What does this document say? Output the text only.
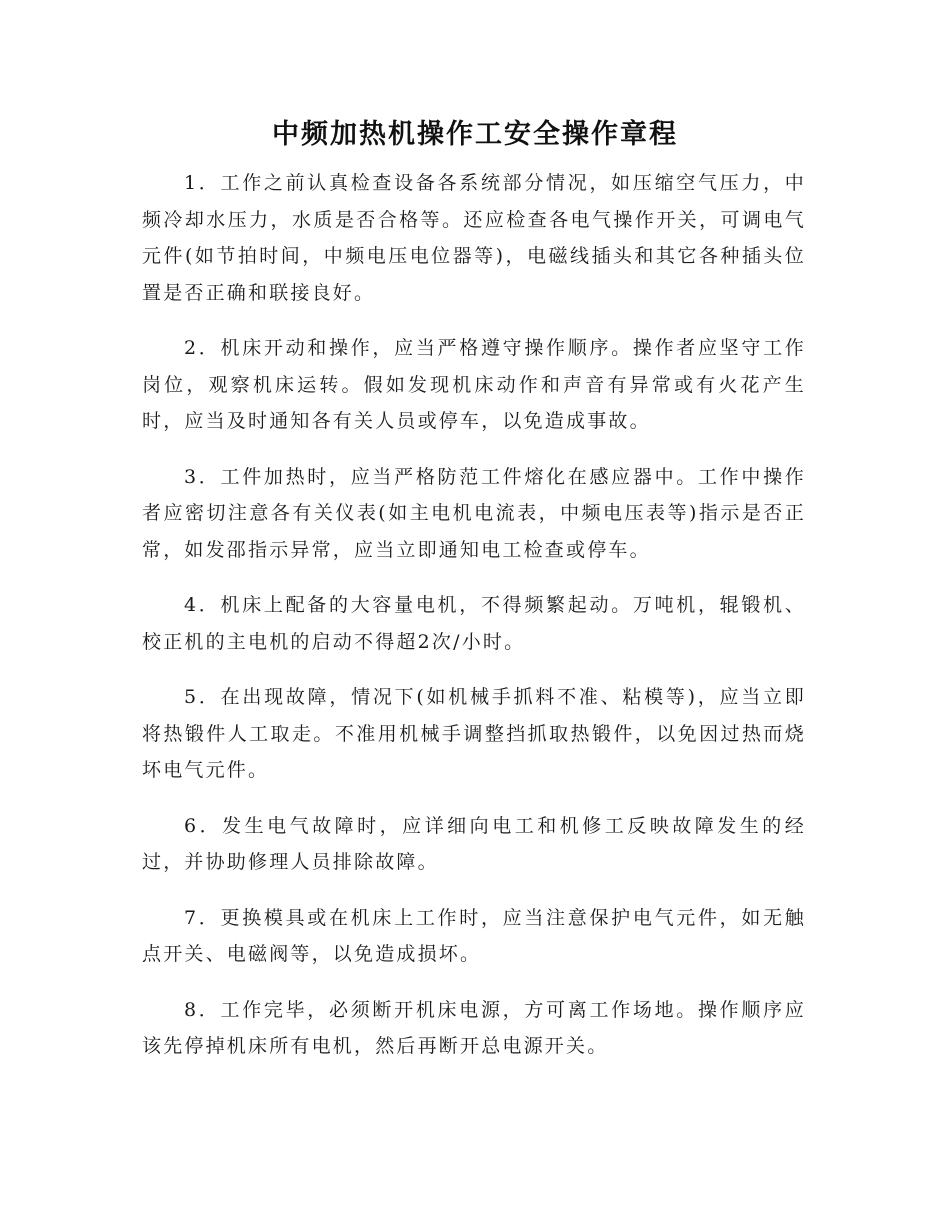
中频加热机操作工安全操作章程

1．工作之前认真检查设备各系统部分情况，如压缩空气压力，中频冷却水压力，水质是否合格等。还应检查各电气操作开关，可调电气元件(如节拍时间，中频电压电位器等)，电磁线插头和其它各种插头位置是否正确和联接良好。

2．机床开动和操作，应当严格遵守操作顺序。操作者应坚守工作岗位，观察机床运转。假如发现机床动作和声音有异常或有火花产生时，应当及时通知各有关人员或停车，以免造成事故。

3．工件加热时，应当严格防范工件熔化在感应器中。工作中操作者应密切注意各有关仪表(如主电机电流表，中频电压表等)指示是否正常，如发邵指示异常，应当立即通知电工检查或停车。

4．机床上配备的大容量电机，不得频繁起动。万吨机，辊锻机、校正机的主电机的启动不得超2次/小时。

5．在出现故障，情况下(如机械手抓料不准、粘模等)，应当立即将热锻件人工取走。不准用机械手调整挡抓取热锻件，以免因过热而烧坏电气元件。

6．发生电气故障时，应详细向电工和机修工反映故障发生的经过，并协助修理人员排除故障。

7．更换模具或在机床上工作时，应当注意保护电气元件，如无触点开关、电磁阀等，以免造成损坏。

8．工作完毕，必须断开机床电源，方可离工作场地。操作顺序应该先停掉机床所有电机，然后再断开总电源开关。
